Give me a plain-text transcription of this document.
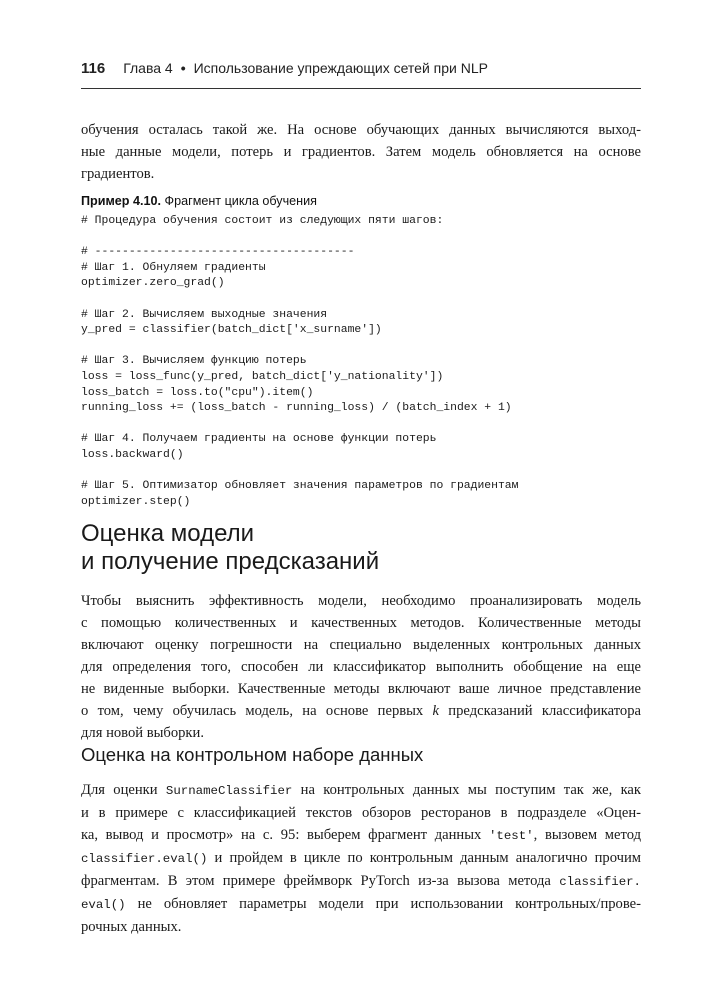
116 Глава 4 • Использование упреждающих сетей при NLP

обучения осталась такой же. На основе обучающих данных вычисляются выход-
ные данные модели, потерь и градиентов. Затем модель обновляется на основе
градиентов.

Пример 4.10. Фрагмент цикла обучения
# Процедура обучения состоит из следующих пяти шагов:
# --------------------------------------
# Шаг 1. Обнуляем градиенты
optimizer.zero_grad()
# Шаг 2. Вычисляем выходные значения
y_pred = classifier(batch_dict['x_surname'])
# Шаг 3. Вычисляем функцию потерь
loss = loss_func(y_pred, batch_dict['y_nationality'])
loss_batch = loss.to("cpu").item()
running_loss += (loss_batch - running_loss) / (batch_index + 1)
# Шаг 4. Получаем градиенты на основе функции потерь
loss.backward()
# Шаг 5. Оптимизатор обновляет значения параметров по градиентам
optimizer.step()
Оценка модели
и получение предсказаний

Чтобы выяснить эффективность модели, необходимо проанализировать модель
с помощью количественных и качественных методов. Количественные методы
включают оценку погрешности на специально выделенных контрольных данных
для определения того, способен ли классификатор выполнить обобщение на еще
не виденные выборки. Качественные методы включают ваше личное представление
о том, чему обучилась модель, на основе первых k предсказаний классификатора
для новой выборки.

Оценка на контрольном наборе данных

Для оценки SurnameClassifier на контрольных данных мы поступим так же, как
и в примере с классификацией текстов обзоров ресторанов в подразделе «Оцен-
ка, вывод и просмотр» на с. 95: выберем фрагмент данных 'test', вызовем метод
classifier.eval() и пройдем в цикле по контрольным данным аналогично прочим
фрагментам. В этом примере фреймворк PyTorch из-за вызова метода classifier.
eval() не обновляет параметры модели при использовании контрольных/прове-
рочных данных.
